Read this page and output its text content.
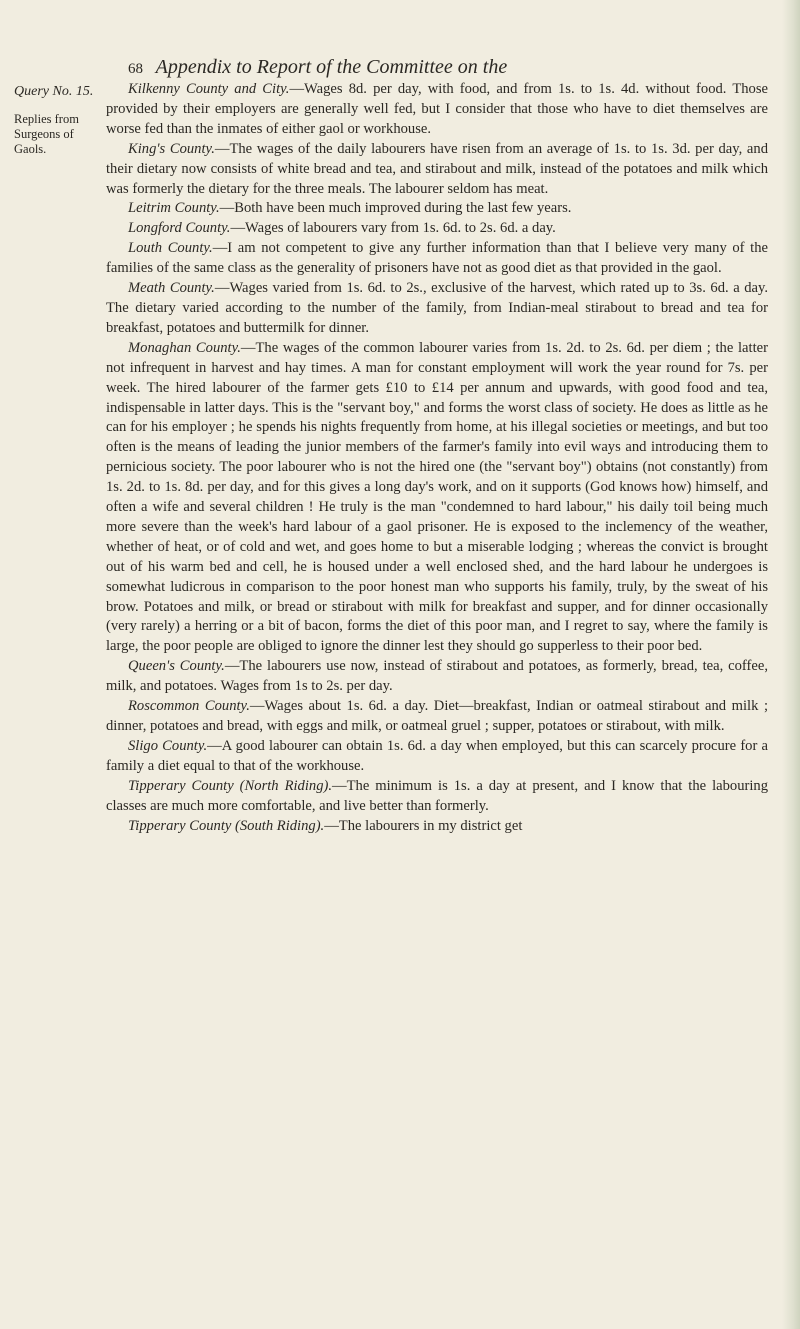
68 Appendix to Report of the Committee on the
Query No. 15.
Replies from Surgeons of Gaols.

Kilkenny County and City.—Wages 8d. per day, with food, and from 1s. to 1s. 4d. without food. Those provided by their employers are generally well fed, but I consider that those who have to diet themselves are worse fed than the inmates of either gaol or workhouse.

King's County.—The wages of the daily labourers have risen from an average of 1s. to 1s. 3d. per day, and their dietary now consists of white bread and tea, and stirabout and milk, instead of the potatoes and milk which was formerly the dietary for the three meals. The labourer seldom has meat.

Leitrim County.—Both have been much improved during the last few years.

Longford County.—Wages of labourers vary from 1s. 6d. to 2s. 6d. a day.

Louth County.—I am not competent to give any further information than that I believe very many of the families of the same class as the generality of prisoners have not as good diet as that provided in the gaol.

Meath County.—Wages varied from 1s. 6d. to 2s., exclusive of the harvest, which rated up to 3s. 6d. a day. The dietary varied according to the number of the family, from Indian-meal stirabout to bread and tea for breakfast, potatoes and buttermilk for dinner.

Monaghan County.—The wages of the common labourer varies from 1s. 2d. to 2s. 6d. per diem ; the latter not infrequent in harvest and hay times. A man for constant employment will work the year round for 7s. per week. The hired labourer of the farmer gets £10 to £14 per annum and upwards, with good food and tea, indispensable in latter days. This is the "servant boy," and forms the worst class of society. He does as little as he can for his employer ; he spends his nights frequently from home, at his illegal societies or meetings, and but too often is the means of leading the junior members of the farmer's family into evil ways and introducing them to pernicious society. The poor labourer who is not the hired one (the "servant boy") obtains (not constantly) from 1s. 2d. to 1s. 8d. per day, and for this gives a long day's work, and on it supports (God knows how) himself, and often a wife and several children ! He truly is the man "condemned to hard labour," his daily toil being much more severe than the week's hard labour of a gaol prisoner. He is exposed to the inclemency of the weather, whether of heat, or of cold and wet, and goes home to but a miserable lodging ; whereas the convict is brought out of his warm bed and cell, he is housed under a well enclosed shed, and the hard labour he undergoes is somewhat ludicrous in comparison to the poor honest man who supports his family, truly, by the sweat of his brow. Potatoes and milk, or bread or stirabout with milk for breakfast and supper, and for dinner occasionally (very rarely) a herring or a bit of bacon, forms the diet of this poor man, and I regret to say, where the family is large, the poor people are obliged to ignore the dinner lest they should go supperless to their poor bed.

Queen's County.—The labourers use now, instead of stirabout and potatoes, as formerly, bread, tea, coffee, milk, and potatoes. Wages from 1s to 2s. per day.

Roscommon County.—Wages about 1s. 6d. a day. Diet—breakfast, Indian or oatmeal stirabout and milk ; dinner, potatoes and bread, with eggs and milk, or oatmeal gruel ; supper, potatoes or stirabout, with milk.

Sligo County.—A good labourer can obtain 1s. 6d. a day when employed, but this can scarcely procure for a family a diet equal to that of the workhouse.

Tipperary County (North Riding).—The minimum is 1s. a day at present, and I know that the labouring classes are much more comfortable, and live better than formerly.

Tipperary County (South Riding).—The labourers in my district get
